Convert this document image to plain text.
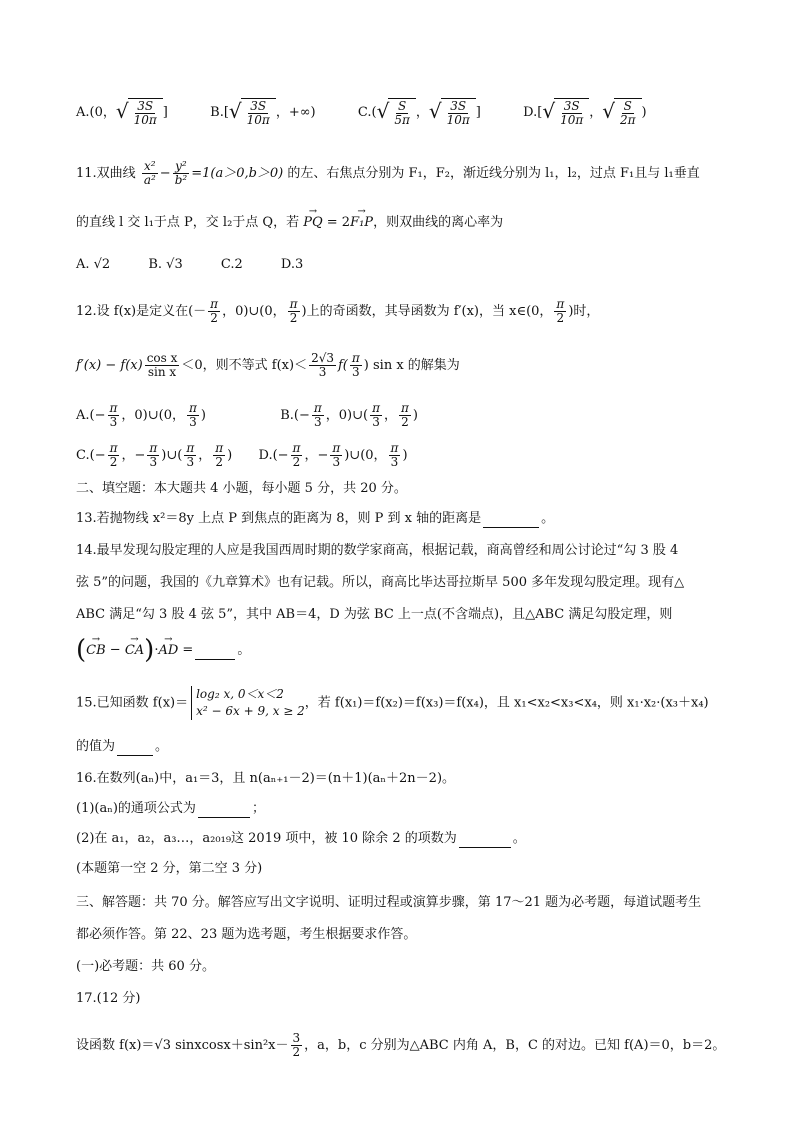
A.(0， √ $\frac{3S}{10\pi}$ ]	B.[ √ $\frac{3S}{10\pi}$ ，+∞)	C.( √ $\frac{S}{5\pi}$ ， √ $\frac{3S}{10\pi}$ ]	D.[ √ $\frac{3S}{10\pi}$ ， √ $\frac{S}{2\pi}$ )
11.双曲线 $\frac{\text{x²}}{\text{a²}} - \frac{\text{y²}}{\text{b²}} =1(a>0,b>0)$ 的左、右焦点分别为 F₁，F₂，渐近线分别为 l₁，l₂，过点 F₁且与 l₁垂直
的直线 l 交 l₁于点 P，交 l₂于点 Q，若 → PQ = 2→ F₁P，则双曲线的离心率为
A. √2	B. √3	C.2	D.3
12.设 f(x)是定义在(－ $\frac{\pi}{2}$ ，0)∪(0， $\frac{\pi}{2}$ )上的奇函数，其导函数为 f′(x)，当 x∈(0， $\frac{\pi}{2}$ )时，
$f'(x) - f(x) \frac{\text{cos x}}{\text{sin x}} <0$，则不等式 $f(x)< \frac{2√3}{3} f( \frac{\pi}{3}$ ) sin x 的解集为
$A.(- \frac{\pi}{3}$ ，0)∪(0， $\frac{\pi}{3}$ )	$B.(- \frac{\pi}{3}$ ，0)∪( $\frac{\pi}{3}$ ， $\frac{\pi}{2}$ )
$C.(- \frac{\pi}{2}$ ，− $\frac{\pi}{3}$ )∪( $\frac{\pi}{3}$ ， $\frac{\pi}{2}$ ) $D.(- \frac{\pi}{2}$ ，− $\frac{\pi}{3}$ )∪(0， $\frac{\pi}{3}$ )
二、填空题：本大题共 4 小题，每小题 5 分，共 20 分。
13.若抛物线 x²＝8y 上点 P 到焦点的距离为 8，则 P 到 x 轴的距离是	。
14.最早发现勾股定理的人应是我国西周时期的数学家商高，根据记载，商高曾经和周公讨论过“勾 3 股 4
弦 5”的问题，我国的《九章算术》也有记载。所以，商高比毕达哥拉斯早 500 多年发现勾股定理。现有△
ABC 满足“勾 3 股 4 弦 5”，其中 AB＝4，D 为弦 BC 上一点(不含端点)，且△ABC 满足勾股定理，则
(→ CB − → CA)·→ AD =	。
15.已知函数 f(x)＝
log₂ x, 0＜x＜2
x² − 6x + 9, x ≥ 2
，若 f(x₁)＝f(x₂)＝f(x₃)＝f(x₄)，且 x₁<x₂<x₃<x₄，则 x₁·x₂·(x₃＋x₄)
的值为	。
16.在数列(aₙ)中，a₁＝3，且 n(aₙ₊₁－2)＝(n＋1)(aₙ＋2n－2)。
(1)(aₙ)的通项公式为	；
(2)在 a₁，a₂，a₃…，a₂₀₁₉这 2019 项中，被 10 除余 2 的项数为	。
(本题第一空 2 分，第二空 3 分)
三、解答题：共 70 分。解答应写出文字说明、证明过程或演算步骤，第 17～21 题为必考题，每道试题考生
都必须作答。第 22、23 题为选考题，考生根据要求作答。
(一)必考题：共 60 分。
17.(12 分)
设函数 f(x)＝√3 sinxcosx＋sin²x－ $\frac{3}{2}$ ，a，b，c 分别为△ABC 内角 A，B，C 的对边。已知 f(A)＝0，b＝2。
